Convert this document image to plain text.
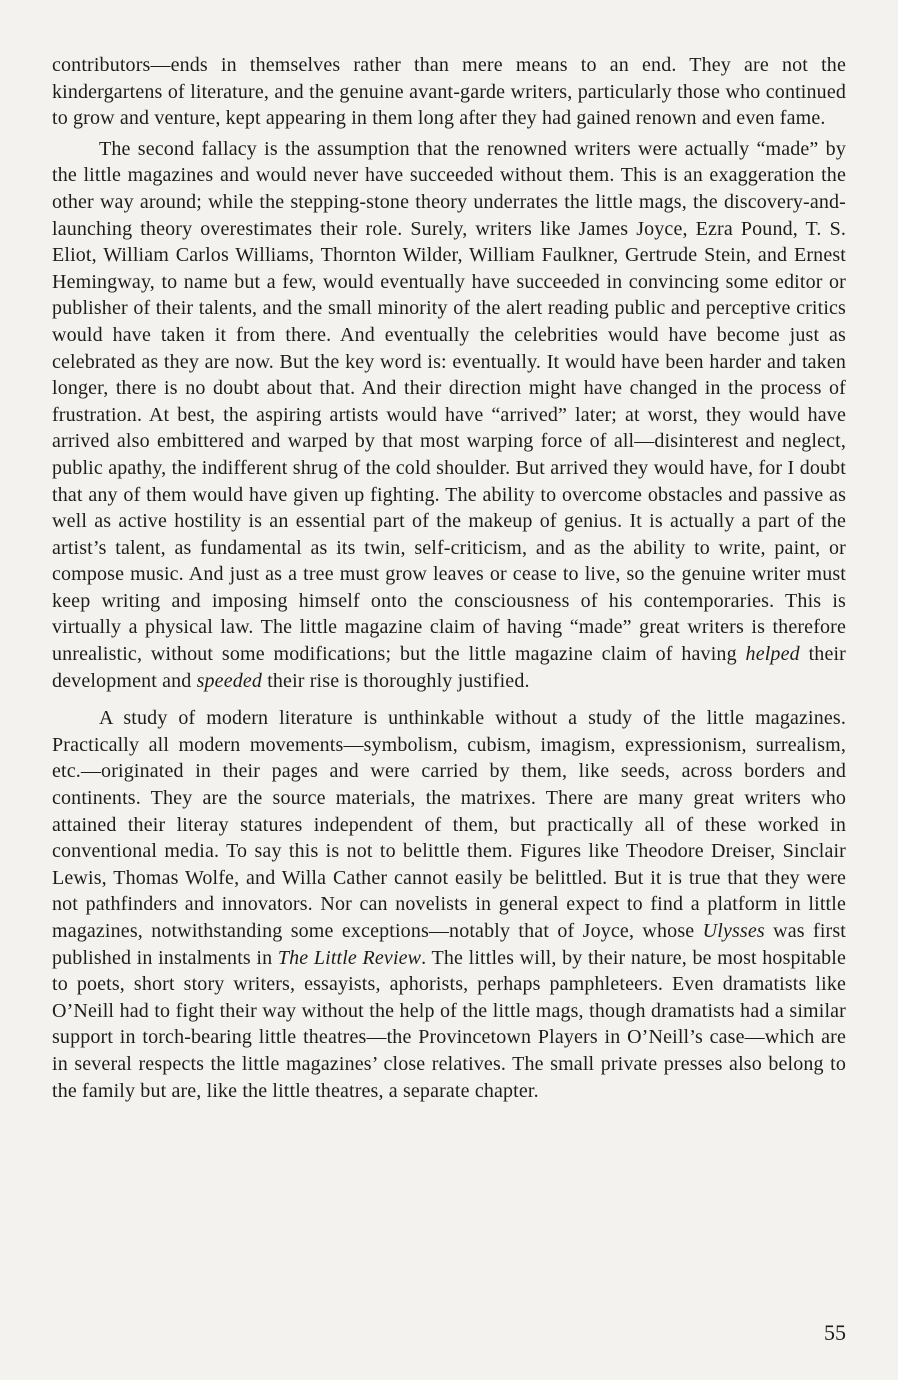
contributors—ends in themselves rather than mere means to an end. They are not the kindergartens of literature, and the genuine avant-garde writers, particularly those who continued to grow and venture, kept appearing in them long after they had gained renown and even fame.

The second fallacy is the assumption that the renowned writers were actually “made” by the little magazines and would never have succeeded without them. This is an exaggeration the other way around; while the stepping-stone theory underrates the little mags, the discovery-and-launching theory overestimates their role. Surely, writers like James Joyce, Ezra Pound, T. S. Eliot, William Carlos Williams, Thornton Wilder, William Faulkner, Gertrude Stein, and Ernest Hemingway, to name but a few, would eventually have succeeded in convincing some editor or publisher of their talents, and the small minority of the alert reading public and perceptive critics would have taken it from there. And eventually the celebrities would have become just as celebrated as they are now. But the key word is: eventually. It would have been harder and taken longer, there is no doubt about that. And their direction might have changed in the process of frustration. At best, the aspiring artists would have “arrived” later; at worst, they would have arrived also embittered and warped by that most warping force of all—disinterest and neglect, public apathy, the indifferent shrug of the cold shoulder. But arrived they would have, for I doubt that any of them would have given up fighting. The ability to overcome obstacles and passive as well as active hostility is an essential part of the makeup of genius. It is actually a part of the artist’s talent, as fundamental as its twin, self-criticism, and as the ability to write, paint, or compose music. And just as a tree must grow leaves or cease to live, so the genuine writer must keep writing and imposing himself onto the consciousness of his contemporaries. This is virtually a physical law. The little magazine claim of having “made” great writers is therefore unrealistic, without some modifications; but the little magazine claim of having helped their development and speeded their rise is thoroughly justified.

A study of modern literature is unthinkable without a study of the little magazines. Practically all modern movements—symbolism, cubism, imagism, expressionism, surrealism, etc.—originated in their pages and were carried by them, like seeds, across borders and continents. They are the source materials, the matrixes. There are many great writers who attained their literay statures independent of them, but practically all of these worked in conventional media. To say this is not to belittle them. Figures like Theodore Dreiser, Sinclair Lewis, Thomas Wolfe, and Willa Cather cannot easily be belittled. But it is true that they were not pathfinders and innovators. Nor can novelists in general expect to find a platform in little magazines, notwithstanding some exceptions—notably that of Joyce, whose Ulysses was first published in instalments in The Little Review. The littles will, by their nature, be most hospitable to poets, short story writers, essayists, aphorists, perhaps pamphleteers. Even dramatists like O’Neill had to fight their way without the help of the little mags, though dramatists had a similar support in torch-bearing little theatres—the Provincetown Players in O’Neill’s case—which are in several respects the little magazines’ close relatives. The small private presses also belong to the family but are, like the little theatres, a separate chapter.

55
